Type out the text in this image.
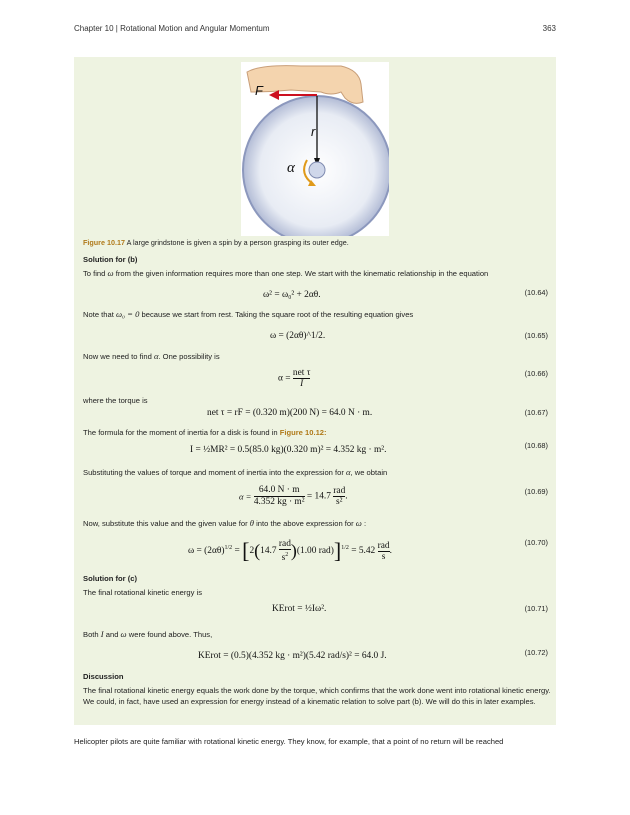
Chapter 10 | Rotational Motion and Angular Momentum	363
F
r
α
Figure 10.17 A large grindstone is given a spin by a person grasping its outer edge.
Solution for (b)
To find ω from the given information requires more than one step. We start with the kinematic relationship in the equation
ω² = ω₀² + 2αθ.	(10.64)
Note that ω₀ = 0 because we start from rest. Taking the square root of the resulting equation gives
ω = (2αθ)^1/2.	(10.65)
Now we need to find α. One possibility is
α =
net τ
I
(10.66)
where the torque is
net τ = rF = (0.320 m)(200 N) = 64.0 N · m.	(10.67)
The formula for the moment of inertia for a disk is found in Figure 10.12:
I = ½MR² = 0.5(85.0 kg)(0.320 m)² = 4.352 kg · m².	(10.68)
Substituting the values of torque and moment of inertia into the expression for α, we obtain
$\alpha = \frac{64.0 N \cdot m}{\text{4.352 kg · m²}} = 14.7$
rad
s²
.	(10.69)
Now, substitute this value and the given value for θ into the above expression for ω :
$\omega = (2\alpha\theta)^{1/2} = [2(14.7$
rad
$s^2$ )(1.00 rad)]$^{1/2}$ = 5.42
rad
s
.
(10.70)
Solution for (c)
The final rotational kinetic energy is
KErot = ½Iω².	(10.71)
Both I and ω were found above. Thus,
KErot = (0.5)(4.352 kg · m²)(5.42 rad/s)² = 64.0 J.	(10.72)
Discussion
The final rotational kinetic energy equals the work done by the torque, which confirms that the work done went into rotational kinetic energy. We could, in fact, have used an expression for energy instead of a kinematic relation to solve part (b). We will do this in later examples.
Helicopter pilots are quite familiar with rotational kinetic energy. They know, for example, that a point of no return will be reached
